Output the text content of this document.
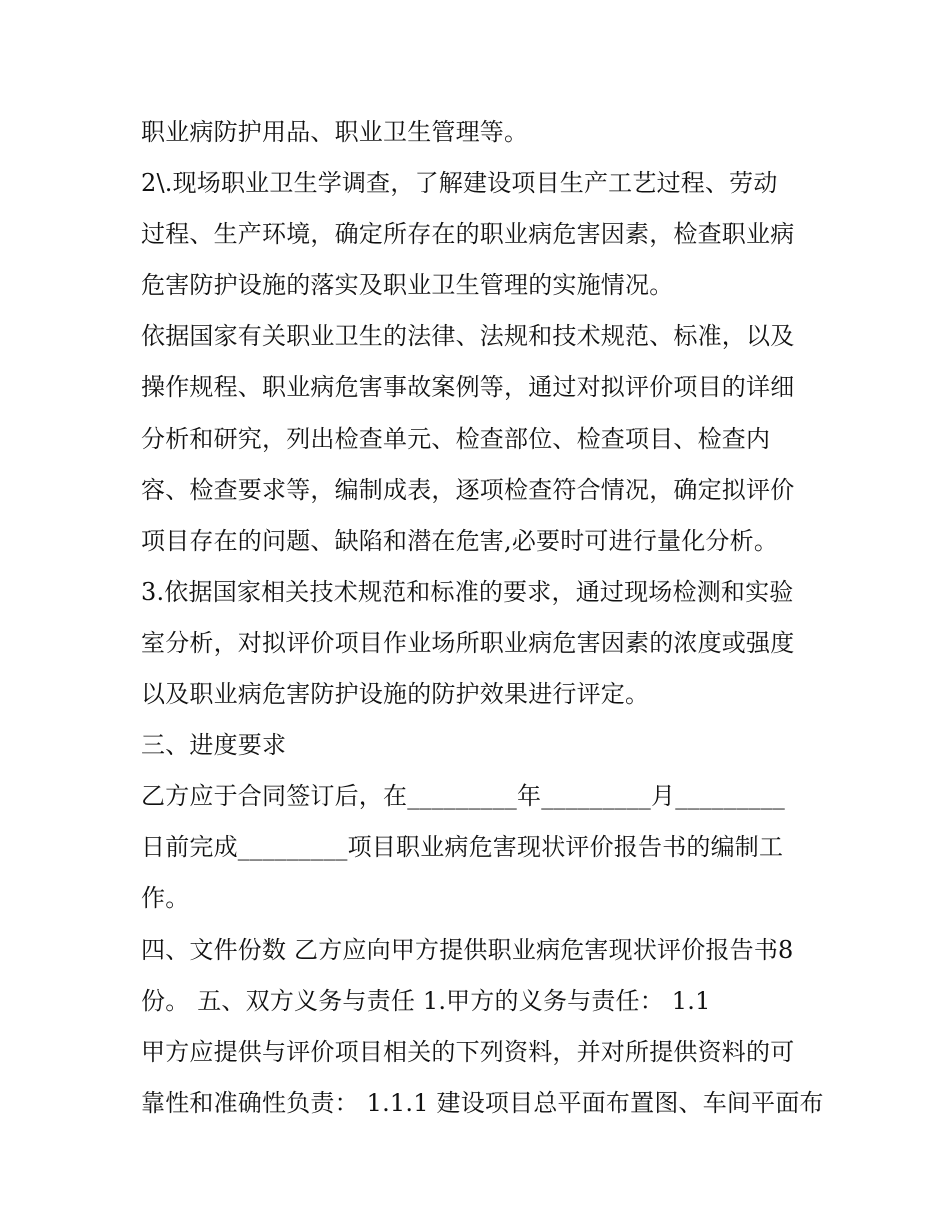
职业病防护用品、职业卫生管理等。
2\.现场职业卫生学调查，了解建设项目生产工艺过程、劳动
过程、生产环境，确定所存在的职业病危害因素，检查职业病
危害防护设施的落实及职业卫生管理的实施情况。
依据国家有关职业卫生的法律、法规和技术规范、标准，以及
操作规程、职业病危害事故案例等，通过对拟评价项目的详细
分析和研究，列出检查单元、检查部位、检查项目、检查内
容、检查要求等，编制成表，逐项检查符合情况，确定拟评价
项目存在的问题、缺陷和潜在危害,必要时可进行量化分析。
3.依据国家相关技术规范和标准的要求，通过现场检测和实验
室分析，对拟评价项目作业场所职业病危害因素的浓度或强度
以及职业病危害防护设施的防护效果进行评定。
三、进度要求
乙方应于合同签订后，在_________年_________月_________
日前完成_________项目职业病危害现状评价报告书的编制工
作。
四、文件份数 乙方应向甲方提供职业病危害现状评价报告书8
份。 五、双方义务与责任 1.甲方的义务与责任： 1.1
甲方应提供与评价项目相关的下列资料，并对所提供资料的可
靠性和准确性负责： 1.1.1 建设项目总平面布置图、车间平面布
